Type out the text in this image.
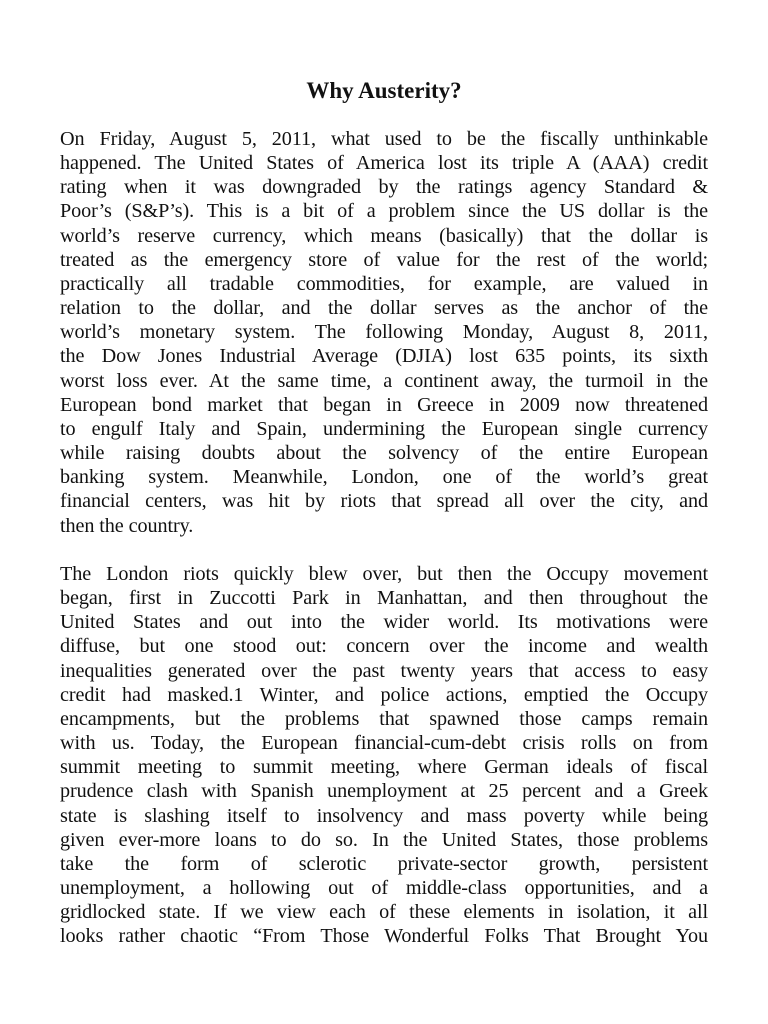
Why Austerity?

On Friday, August 5, 2011, what used to be the fiscally unthinkable
happened. The United States of America lost its triple A (AAA) credit
rating when it was downgraded by the ratings agency Standard &
Poor’s (S&P’s). This is a bit of a problem since the US dollar is the
world’s reserve currency, which means (basically) that the dollar is
treated as the emergency store of value for the rest of the world;
practically all tradable commodities, for example, are valued in
relation to the dollar, and the dollar serves as the anchor of the
world’s monetary system. The following Monday, August 8, 2011,
the Dow Jones Industrial Average (DJIA) lost 635 points, its sixth
worst loss ever. At the same time, a continent away, the turmoil in the
European bond market that began in Greece in 2009 now threatened
to engulf Italy and Spain, undermining the European single currency
while raising doubts about the solvency of the entire European
banking system. Meanwhile, London, one of the world’s great
financial centers, was hit by riots that spread all over the city, and
then the country.

The London riots quickly blew over, but then the Occupy movement
began, first in Zuccotti Park in Manhattan, and then throughout the
United States and out into the wider world. Its motivations were
diffuse, but one stood out: concern over the income and wealth
inequalities generated over the past twenty years that access to easy
credit had masked.1 Winter, and police actions, emptied the Occupy
encampments, but the problems that spawned those camps remain
with us. Today, the European financial-cum-debt crisis rolls on from
summit meeting to summit meeting, where German ideals of fiscal
prudence clash with Spanish unemployment at 25 percent and a Greek
state is slashing itself to insolvency and mass poverty while being
given ever-more loans to do so. In the United States, those problems
take the form of sclerotic private-sector growth, persistent
unemployment, a hollowing out of middle-class opportunities, and a
gridlocked state. If we view each of these elements in isolation, it all
looks rather chaotic “From Those Wonderful Folks That Brought You
